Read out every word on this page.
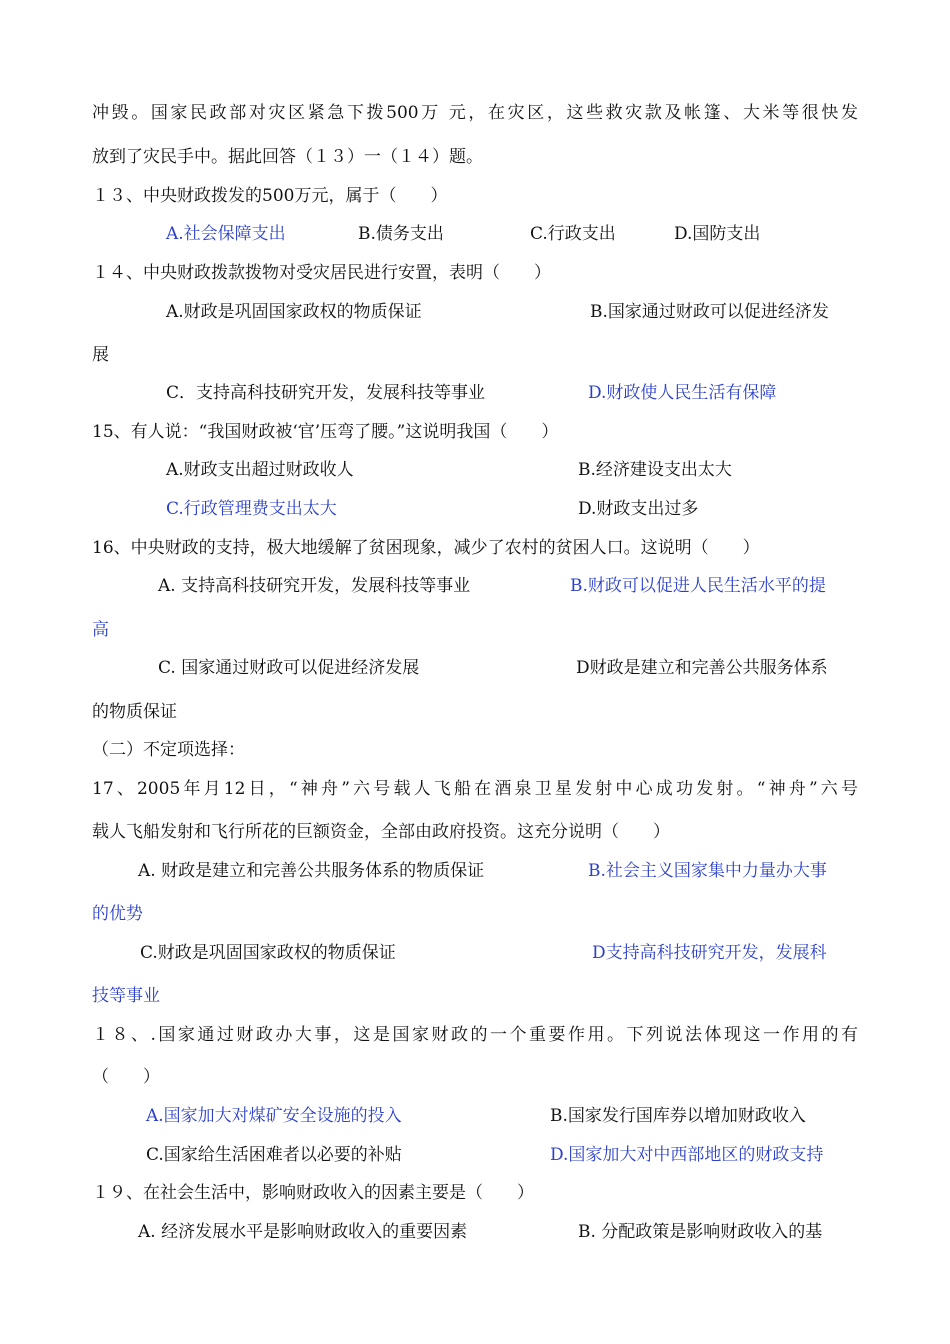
冲毁。国家民政部对灾区紧急下拨500万 元，在灾区，这些救灾款及帐篷、大米等很快发
放到了灾民手中。据此回答（１３）一（１４）题。
１３、中央财政拨发的500万元，属于（　　）
A.社会保障支出	B.债务支出	C.行政支出	D.国防支出
１４、中央财政拨款拨物对受灾居民进行安置，表明（　　）
A.财政是巩固国家政权的物质保证	B.国家通过财政可以促进经济发
展
C．支持高科技研究开发，发展科技等事业	D.财政使人民生活有保障
15、有人说：“我国财政被‘官’压弯了腰。”这说明我国（　　）
A.财政支出超过财政收人	B.经济建设支出太大
C.行政管理费支出太大	D.财政支出过多
16、中央财政的支持，极大地缓解了贫困现象，减少了农村的贫困人口。这说明（　　）
A. 支持高科技研究开发，发展科技等事业	B.财政可以促进人民生活水平的提
高
C. 国家通过财政可以促进经济发展	D财政是建立和完善公共服务体系
的物质保证
（二）不定项选择：
17、2005年月12日，“神舟”六号载人飞船在酒泉卫星发射中心成功发射。“神舟”六号
载人飞船发射和飞行所花的巨额资金，全部由政府投资。这充分说明（　　）
A. 财政是建立和完善公共服务体系的物质保证	B.社会主义国家集中力量办大事
的优势
C.财政是巩固国家政权的物质保证	D支持高科技研究开发，发展科
技等事业
１８、.国家通过财政办大事，这是国家财政的一个重要作用。下列说法体现这一作用的有
（　　）
A.国家加大对煤矿安全设施的投入	B.国家发行国库券以增加财政收入
C.国家给生活困难者以必要的补贴	D.国家加大对中西部地区的财政支持
１９、在社会生活中，影响财政收入的因素主要是（　　）
A. 经济发展水平是影响财政收入的重要因素	B. 分配政策是影响财政收入的基
